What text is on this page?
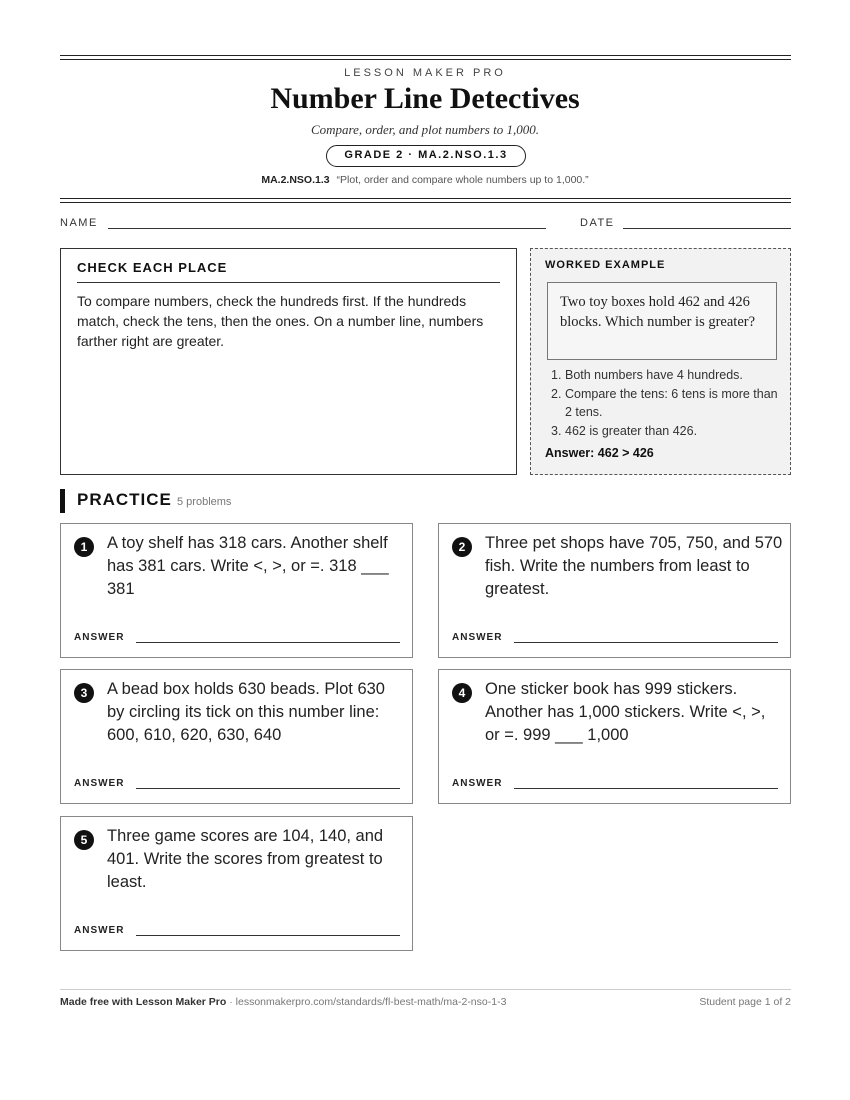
LESSON MAKER PRO
Number Line Detectives
Compare, order, and plot numbers to 1,000.
GRADE 2 · MA.2.NSO.1.3
MA.2.NSO.1.3 “Plot, order and compare whole numbers up to 1,000.”
NAME	DATE
CHECK EACH PLACE
To compare numbers, check the hundreds first. If the hundreds match, check the tens, then the ones. On a number line, numbers farther right are greater.
WORKED EXAMPLE
Two toy boxes hold 462 and 426 blocks. Which number is greater?
1. Both numbers have 4 hundreds.
2. Compare the tens: 6 tens is more than 2 tens.
3. 462 is greater than 426.
Answer: 462 > 426
PRACTICE 5 problems
1	A toy shelf has 318 cars. Another shelf has 381 cars. Write <, >, or =. 318 ___ 381
ANSWER
2	Three pet shops have 705, 750, and 570 fish. Write the numbers from least to greatest.
ANSWER
3	A bead box holds 630 beads. Plot 630 by circling its tick on this number line: 600, 610, 620, 630, 640
ANSWER
4	One sticker book has 999 stickers. Another has 1,000 stickers. Write <, >, or =. 999 ___ 1,000
ANSWER
5	Three game scores are 104, 140, and 401. Write the scores from greatest to least.
ANSWER
Made free with Lesson Maker Pro · lessonmakerpro.com/standards/fl-best-math/ma-2-nso-1-3	Student page 1 of 2
